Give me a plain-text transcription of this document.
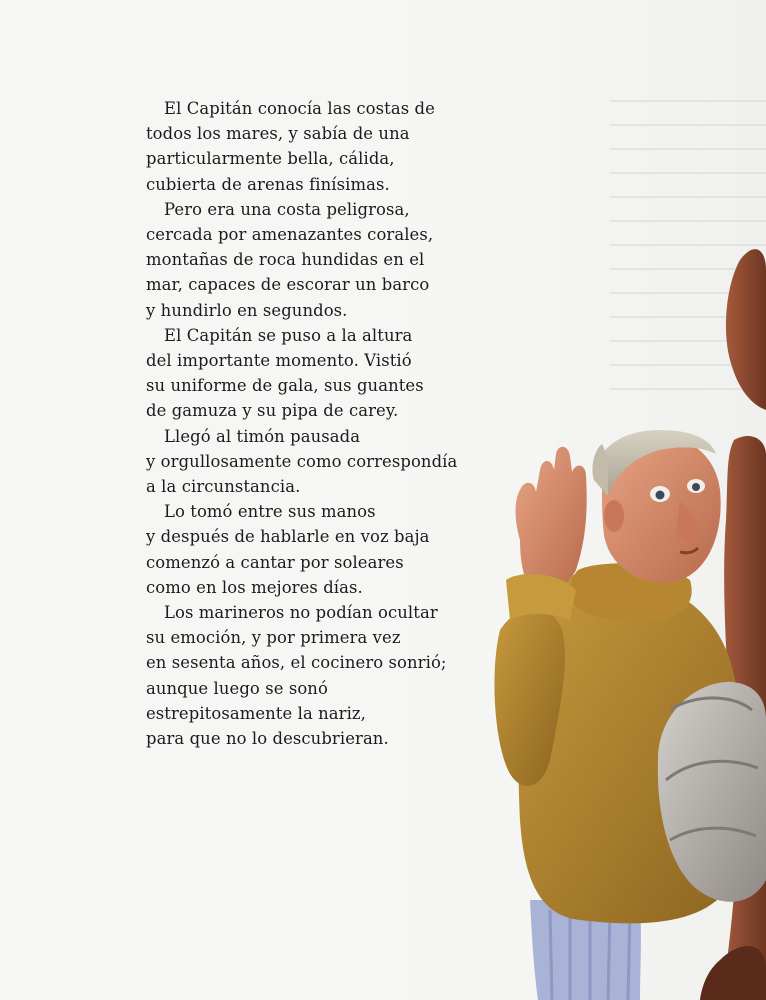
El Capitán conocía las costas de
todos los mares, y sabía de una
particularmente bella, cálida,
cubierta de arenas finísimas.

Pero era una costa peligrosa,
cercada por amenazantes corales,
montañas de roca hundidas en el
mar, capaces de escorar un barco
y hundirlo en segundos.

El Capitán se puso a la altura
del importante momento. Vistió
su uniforme de gala, sus guantes
de gamuza y su pipa de carey.

Llegó al timón pausada
y orgullosamente como correspondía
a la circunstancia.

Lo tomó entre sus manos
y después de hablarle en voz baja
comenzó a cantar por soleares
como en los mejores días.

Los marineros no podían ocultar
su emoción, y por primera vez
en sesenta años, el cocinero sonrió;
aunque luego se sonó
estrepitosamente la nariz,
para que no lo descubrieran.
